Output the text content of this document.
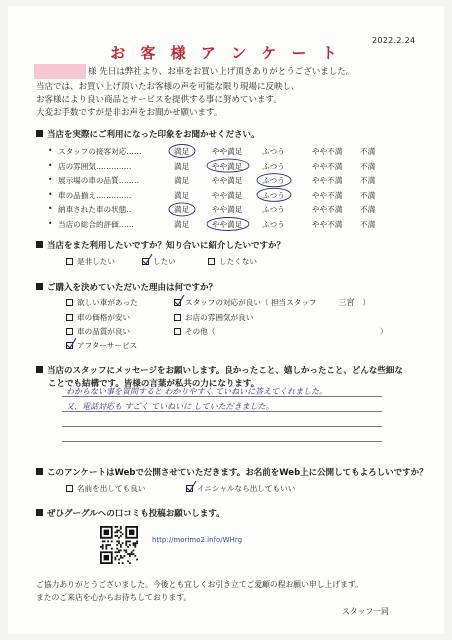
2022.2.24
お 客 様 ア ン ケ ー ト
様 先日は弊社より、お車をお買い上げ頂きありがとうございました。
当店では、お買い上げ頂いたお客様の声を可能な限り現場に反映し、
お客様により良い商品とサービスを提供する事に努めています。
大変お手数ですが是非お声をお聞かせ願います。
当店を実際にご利用になった印象をお聞かせください。
• スタッフの接客対応‥‥‥	満足	やや満足	ふつう	やや不満 不満
• 店の雰囲気‥‥‥‥‥‥‥	満足	やや満足	ふつう	やや不満 不満
• 展示場の車の品質‥‥‥‥	満足	やや満足	ふつう	やや不満 不満
• 車の品揃え‥‥‥‥‥‥‥	満足	やや満足	ふつう	やや不満 不満
• 納車された車の状態‥	満足	やや満足	ふつう	やや不満 不満
• 当店の総合的評価‥‥‥	満足	やや満足	ふつう	やや不満 不満
当店をまた利用したいですか？知り合いに紹介したいですか？
是非したい	したい	したくない
ご購入を決めていただいた理由は何ですか？
欲しい車があった
車の価格が安い
車の品質が良い
アフターサービス
スタッフの対応が良い（ 担当スタッフ	三宮 ）
お店の雰囲気が良い
その他（	）
当店のスタッフにメッセージをお願いします。良かったこと、嬉しかったこと、どんな些細な
ことでも結構です。皆様の言葉が私共の力になります。
わからない事を質問すると わかりやすく ていねいに答えてくれました。
又、電話対応も すごく ていねいに していただきました。
このアンケートはWebで公開させていただきます。お名前をWeb上に公開してもよろしいですか？
名前を出しても良い	イニシャルなら出してもいい
ぜひグーグルへの口コミも投稿お願いします。
http://morimo2.info/WHrg
ご協力ありがとうございました。今後とも宜しくお引き立てご愛顧の程お願い申し上げます。
またのご来店を心からお待ちしております。
スタッフ一同
